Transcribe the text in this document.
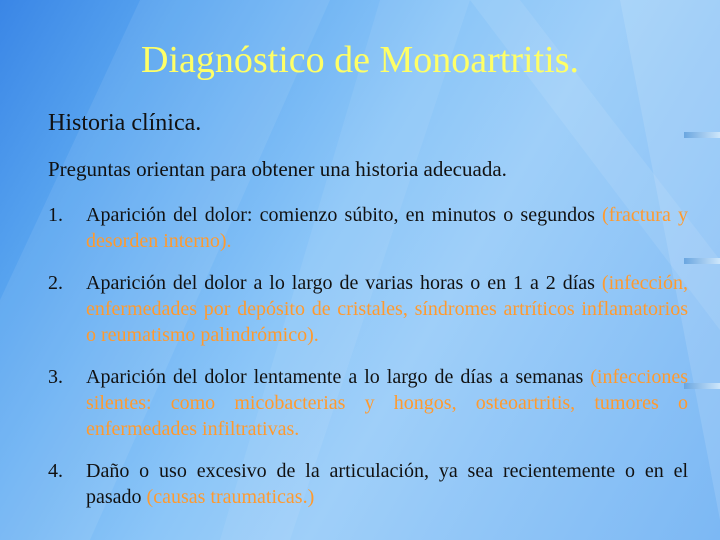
Diagnóstico de Monoartritis.
Historia clínica.
Preguntas orientan para obtener una historia adecuada.
1.	Aparición del dolor: comienzo súbito, en minutos o segundos (fractura y desorden interno).
2.	Aparición del dolor a lo largo de varias horas o en 1 a 2 días (infección, enfermedades por depósito de cristales, síndromes artríticos inflamatorios o reumatismo palindrómico).
3.	Aparición del dolor lentamente a lo largo de días a semanas (infecciones silentes: como micobacterias y hongos, osteoartritis, tumores o enfermedades infiltrativas.
4.	Daño o uso excesivo de la articulación, ya sea recientemente o en el pasado (causas traumaticas.)
